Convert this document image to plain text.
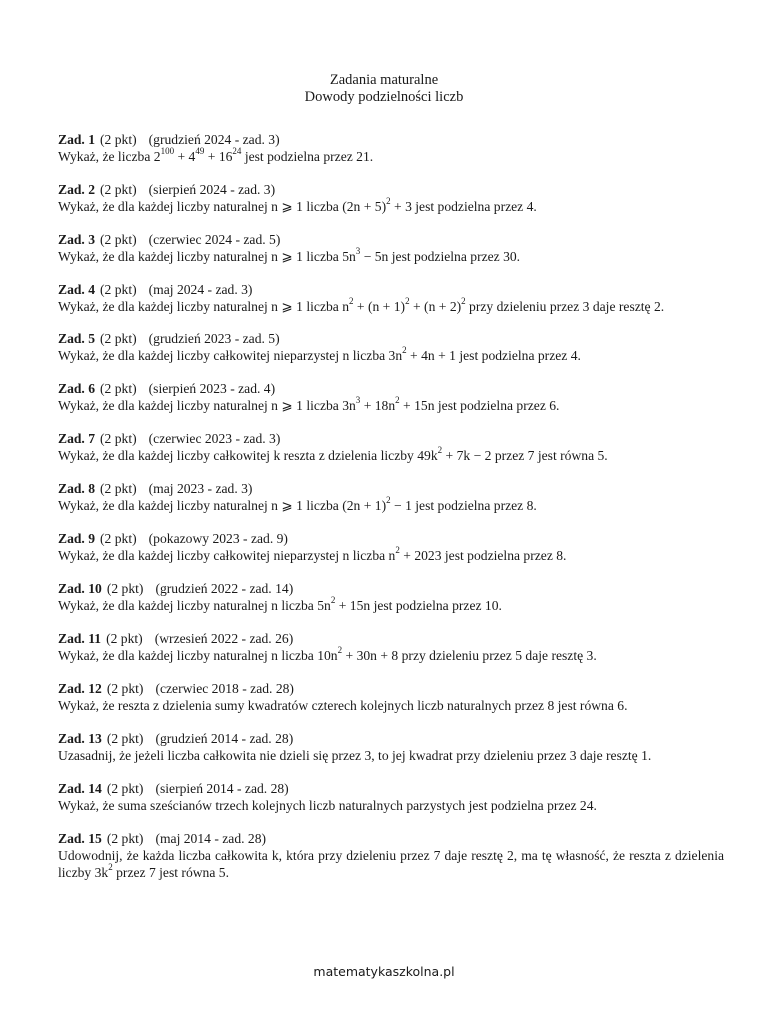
Zadania maturalne
Dowody podzielności liczb
Zad. 1 (2 pkt) (grudzień 2024 - zad. 3)
Wykaż, że liczba $2^{100} + 4^{49} + 16^{24}$ jest podzielna przez 21.
Zad. 2 (2 pkt) (sierpień 2024 - zad. 3)
Wykaż, że dla każdej liczby naturalnej n ⩾ 1 liczba $(2n + 5)^2 + 3$ jest podzielna przez 4.
Zad. 3 (2 pkt) (czerwiec 2024 - zad. 5)
Wykaż, że dla każdej liczby naturalnej n ⩾ 1 liczba $5n^3 - 5n$ jest podzielna przez 30.
Zad. 4 (2 pkt) (maj 2024 - zad. 3)
Wykaż, że dla każdej liczby naturalnej n ⩾ 1 liczba $n^2 + (n + 1)^2 + (n + 2)^2$ przy dzieleniu przez 3 daje resztę 2.
Zad. 5 (2 pkt) (grudzień 2023 - zad. 5)
Wykaż, że dla każdej liczby całkowitej nieparzystej n liczba $3n^2 + 4n + 1$ jest podzielna przez 4.
Zad. 6 (2 pkt) (sierpień 2023 - zad. 4)
Wykaż, że dla każdej liczby naturalnej n ⩾ 1 liczba $3n^3 + 18n^2 + 15n$ jest podzielna przez 6.
Zad. 7 (2 pkt) (czerwiec 2023 - zad. 3)
Wykaż, że dla każdej liczby całkowitej k reszta z dzielenia liczby $49k^2 + 7k - 2$ przez 7 jest równa 5.
Zad. 8 (2 pkt) (maj 2023 - zad. 3)
Wykaż, że dla każdej liczby naturalnej n ⩾ 1 liczba $(2n + 1)^2 - 1$ jest podzielna przez 8.
Zad. 9 (2 pkt) (pokazowy 2023 - zad. 9)
Wykaż, że dla każdej liczby całkowitej nieparzystej n liczba $n^2 + 2023$ jest podzielna przez 8.
Zad. 10 (2 pkt) (grudzień 2022 - zad. 14)
Wykaż, że dla każdej liczby naturalnej n liczba $5n^2 + 15n$ jest podzielna przez 10.
Zad. 11 (2 pkt) (wrzesień 2022 - zad. 26)
Wykaż, że dla każdej liczby naturalnej n liczba $10n^2 + 30n + 8$ przy dzieleniu przez 5 daje resztę 3.
Zad. 12 (2 pkt) (czerwiec 2018 - zad. 28)
Wykaż, że reszta z dzielenia sumy kwadratów czterech kolejnych liczb naturalnych przez 8 jest równa 6.
Zad. 13 (2 pkt) (grudzień 2014 - zad. 28)
Uzasadnij, że jeżeli liczba całkowita nie dzieli się przez 3, to jej kwadrat przy dzieleniu przez 3 daje resztę 1.
Zad. 14 (2 pkt) (sierpień 2014 - zad. 28)
Wykaż, że suma sześcianów trzech kolejnych liczb naturalnych parzystych jest podzielna przez 24.
Zad. 15 (2 pkt) (maj 2014 - zad. 28)
Udowodnij, że każda liczba całkowita k, która przy dzieleniu przez 7 daje resztę 2, ma tę własność, że reszta z dzielenia liczby $3k^2$ przez 7 jest równa 5.
matematykaszkolna.pl
